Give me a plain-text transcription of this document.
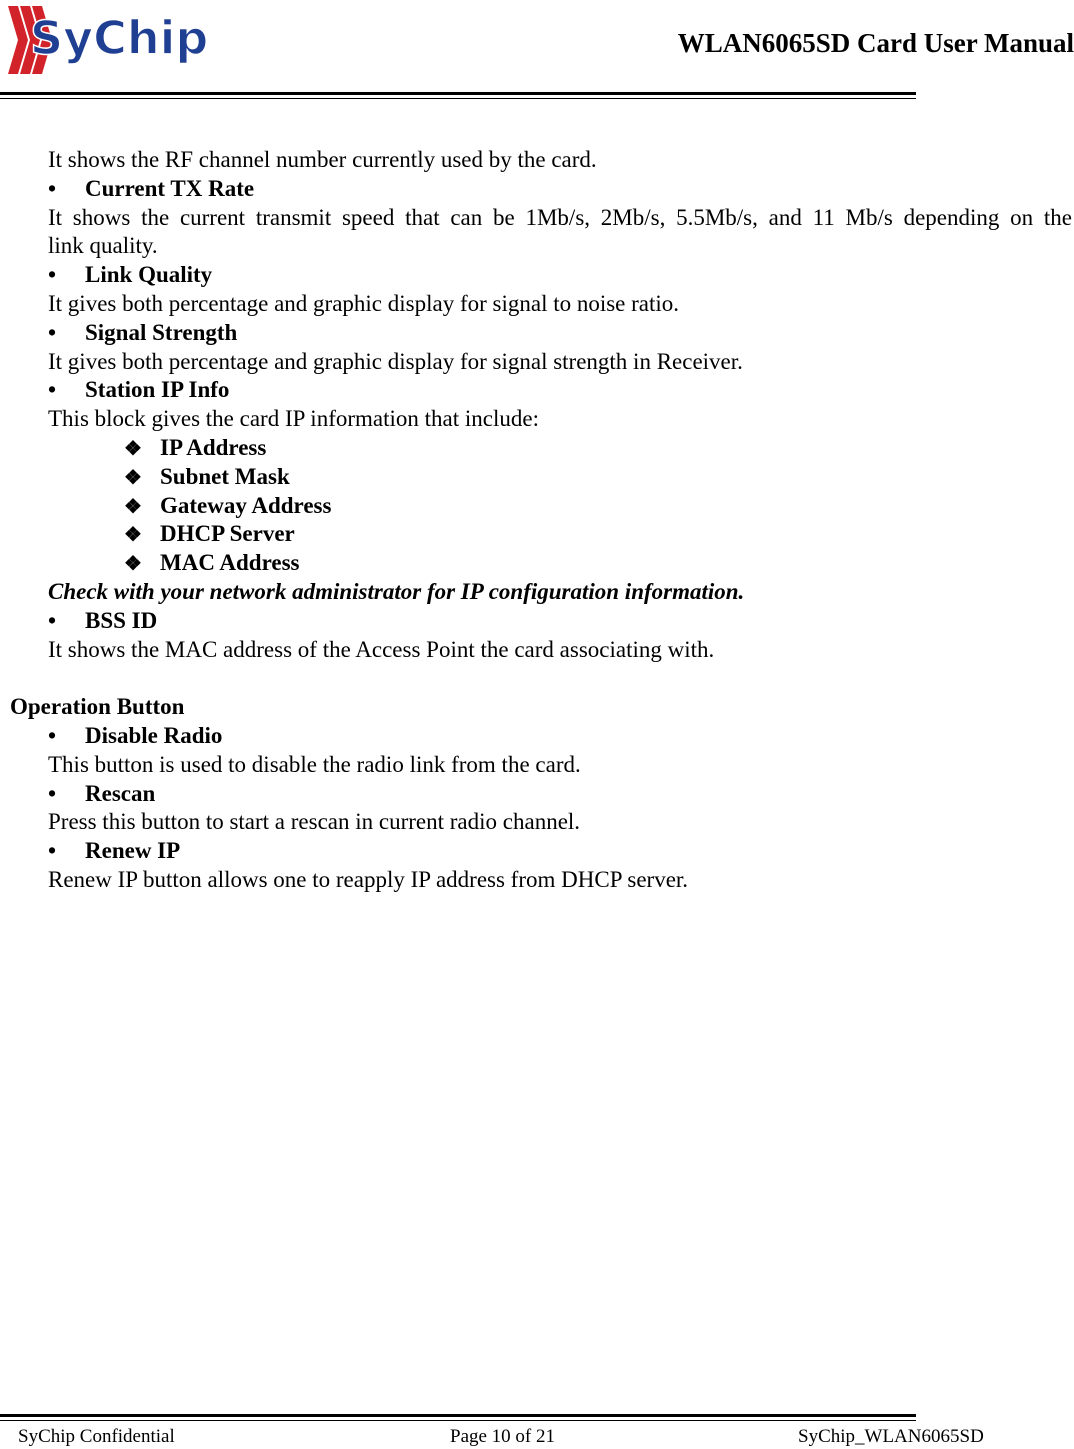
SyChip	WLAN6065SD Card User Manual
It shows the RF channel number currently used by the card.
• Current TX Rate
It shows the current transmit speed that can be 1Mb/s, 2Mb/s, 5.5Mb/s, and 11 Mb/s depending on the
link quality.
• Link Quality
It gives both percentage and graphic display for signal to noise ratio.
• Signal Strength
It gives both percentage and graphic display for signal strength in Receiver.
• Station IP Info
This block gives the card IP information that include:
❖ IP Address
❖ Subnet Mask
❖ Gateway Address
❖ DHCP Server
❖ MAC Address
Check with your network administrator for IP configuration information.
• BSS ID
It shows the MAC address of the Access Point the card associating with.
Operation Button
• Disable Radio
This button is used to disable the radio link from the card.
• Rescan
Press this button to start a rescan in current radio channel.
• Renew IP
Renew IP button allows one to reapply IP address from DHCP server.
SyChip Confidential	Page 10 of 21	SyChip_WLAN6065SD
